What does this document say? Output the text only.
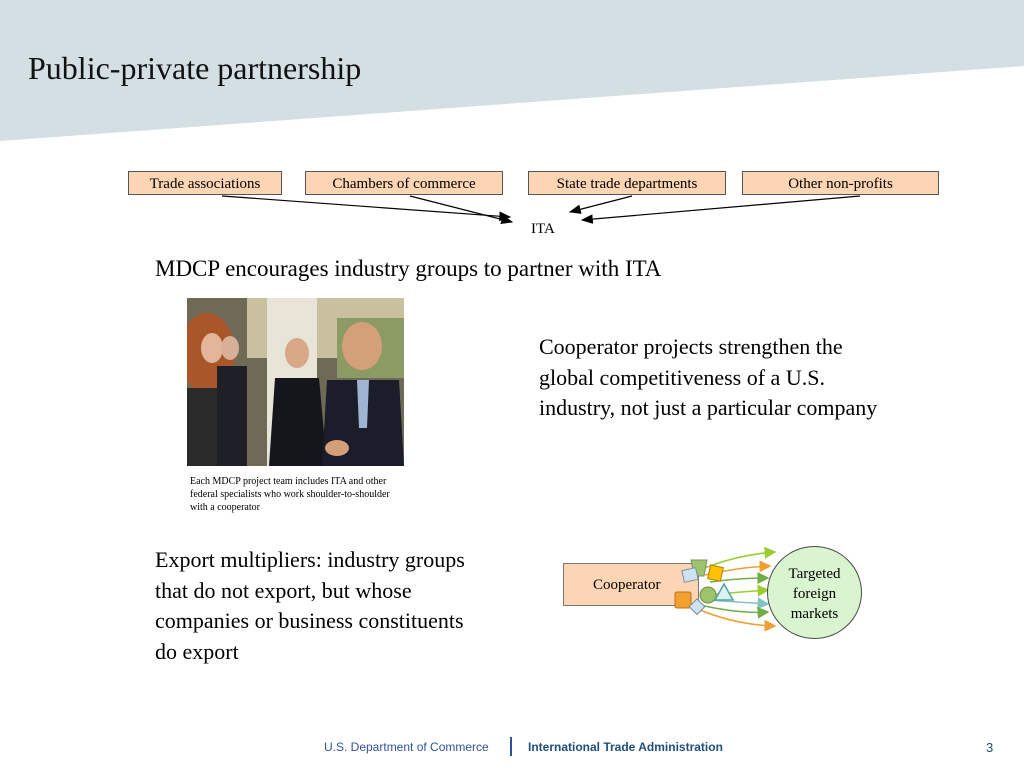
Public-private partnership
Trade associations	Chambers of commerce	State trade departments	Other non-profits
ITA
MDCP encourages industry groups to partner with ITA
Each MDCP project team includes ITA and other federal specialists who work shoulder-to-shoulder with a cooperator
Cooperator projects strengthen the global competitiveness of a U.S. industry, not just a particular company
Export multipliers: industry groups that do not export, but whose companies or business constituents do export
Cooperator
Targeted foreign markets
U.S. Department of Commerce	International Trade Administration	3
